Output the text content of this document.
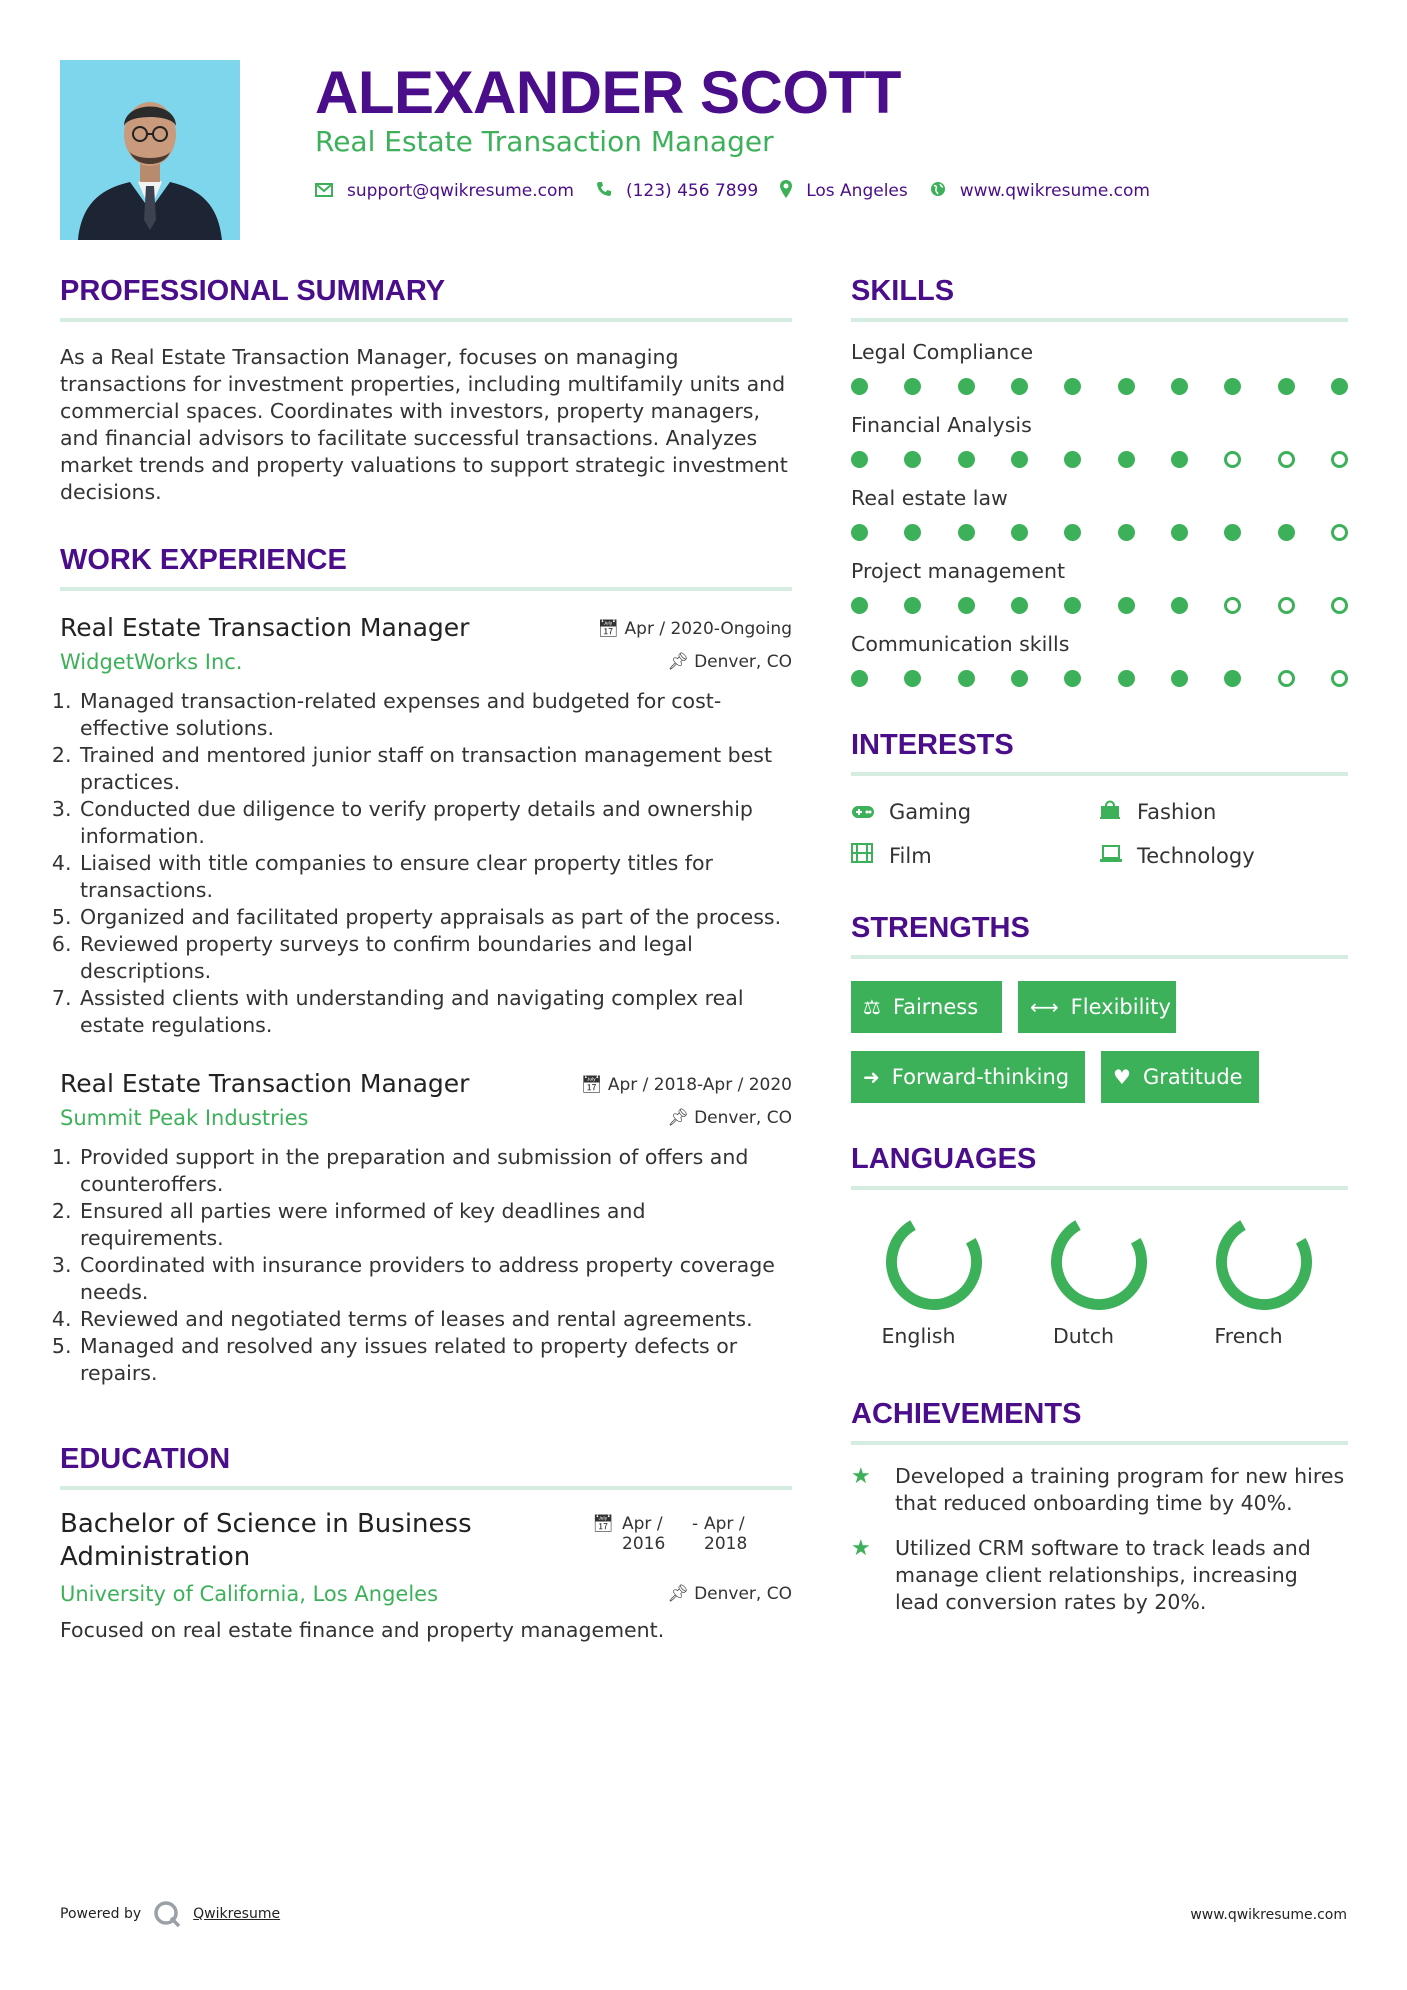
ALEXANDER SCOTT
Real Estate Transaction Manager
support@qwikresume.com	(123) 456 7899	Los Angeles	www.qwikresume.com
PROFESSIONAL SUMMARY

As a Real Estate Transaction Manager, focuses on managing transactions for investment properties, including multifamily units and commercial spaces. Coordinates with investors, property managers, and financial advisors to facilitate successful transactions. Analyzes market trends and property valuations to support strategic investment decisions.

WORK EXPERIENCE
Real Estate Transaction Manager	📅︎ Apr / 2020-Ongoing
WidgetWorks Inc.	📌︎ Denver, CO
1. Managed transaction-related expenses and budgeted for cost-effective solutions.
2. Trained and mentored junior staff on transaction management best practices.
3. Conducted due diligence to verify property details and ownership information.
4. Liaised with title companies to ensure clear property titles for transactions.
5. Organized and facilitated property appraisals as part of the process.
6. Reviewed property surveys to confirm boundaries and legal descriptions.
7. Assisted clients with understanding and navigating complex real estate regulations.
Real Estate Transaction Manager	📅︎ Apr / 2018-Apr / 2020
Summit Peak Industries	📌︎ Denver, CO
1. Provided support in the preparation and submission of offers and counteroffers.
2. Ensured all parties were informed of key deadlines and requirements.
3. Coordinated with insurance providers to address property coverage needs.
4. Reviewed and negotiated terms of leases and rental agreements.
5. Managed and resolved any issues related to property defects or repairs.
EDUCATION
Bachelor of Science in Business Administration
📅︎ Apr / 2016
- Apr / 2018
University of California, Los Angeles	📌︎ Denver, CO
Focused on real estate finance and property management.
SKILLS
Legal Compliance
Financial Analysis
Real estate law
Project management
Communication skills
INTERESTS
Gaming	Fashion
Film	Technology
STRENGTHS
⚖︎ Fairness	⟷ Flexibility
➜ Forward-thinking ♥ Gratitude
LANGUAGES
English	Dutch	French
ACHIEVEMENTS
★	Developed a training program for new hires that reduced onboarding time by 40%.
★	Utilized CRM software to track leads and manage client relationships, increasing lead conversion rates by 20%.
Powered by	Qwikresume	www.qwikresume.com
